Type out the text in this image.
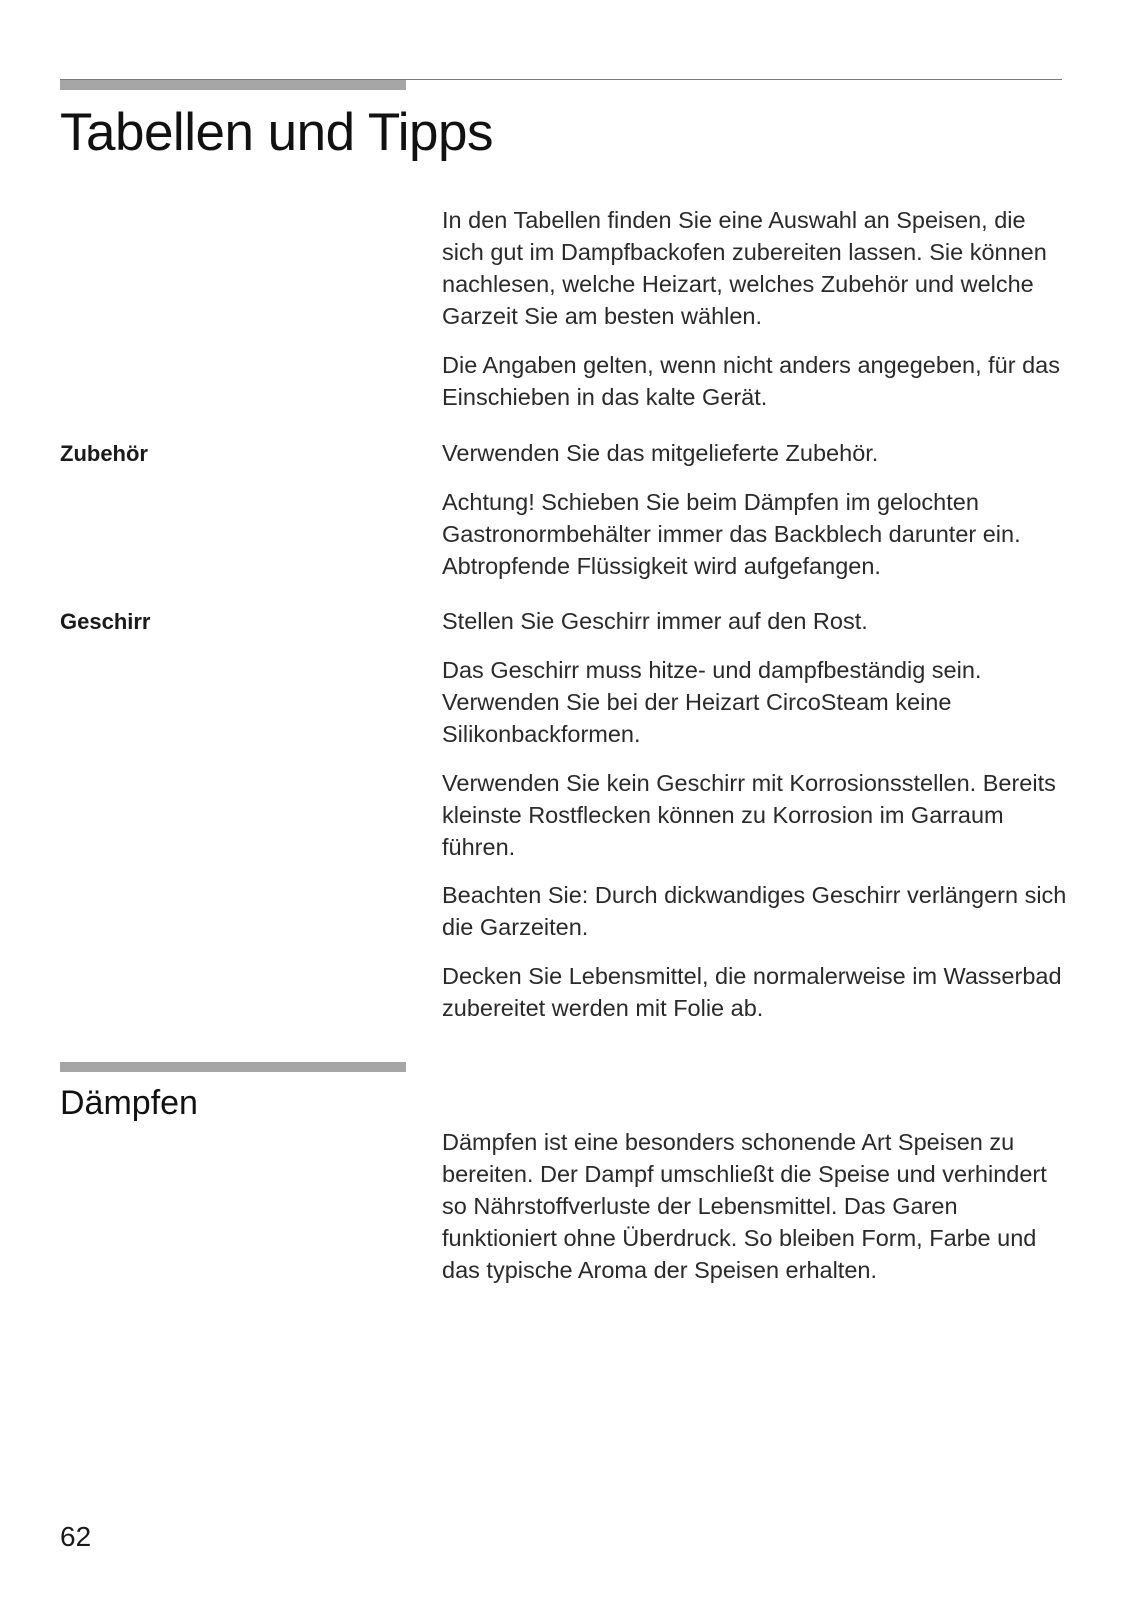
Tabellen und Tipps

In den Tabellen finden Sie eine Auswahl an Speisen, die sich gut im Dampfbackofen zubereiten lassen. Sie können nachlesen, welche Heizart, welches Zubehör und welche Garzeit Sie am besten wählen.

Die Angaben gelten, wenn nicht anders angegeben, für das Einschieben in das kalte Gerät.

Zubehör	Verwenden Sie das mitgelieferte Zubehör.

Achtung! Schieben Sie beim Dämpfen im gelochten Gastronormbehälter immer das Backblech darunter ein. Abtropfende Flüssigkeit wird aufgefangen.

Geschirr	Stellen Sie Geschirr immer auf den Rost.

Das Geschirr muss hitze- und dampfbeständig sein. Verwenden Sie bei der Heizart CircoSteam keine Silikonbackformen.

Verwenden Sie kein Geschirr mit Korrosionsstellen. Bereits kleinste Rostflecken können zu Korrosion im Garraum führen.

Beachten Sie: Durch dickwandiges Geschirr verlängern sich die Garzeiten.

Decken Sie Lebensmittel, die normalerweise im Wasserbad zubereitet werden mit Folie ab.

Dämpfen

Dämpfen ist eine besonders schonende Art Speisen zu bereiten. Der Dampf umschließt die Speise und verhindert so Nährstoffverluste der Lebensmittel. Das Garen funktioniert ohne Überdruck. So bleiben Form, Farbe und das typische Aroma der Speisen erhalten.

62
